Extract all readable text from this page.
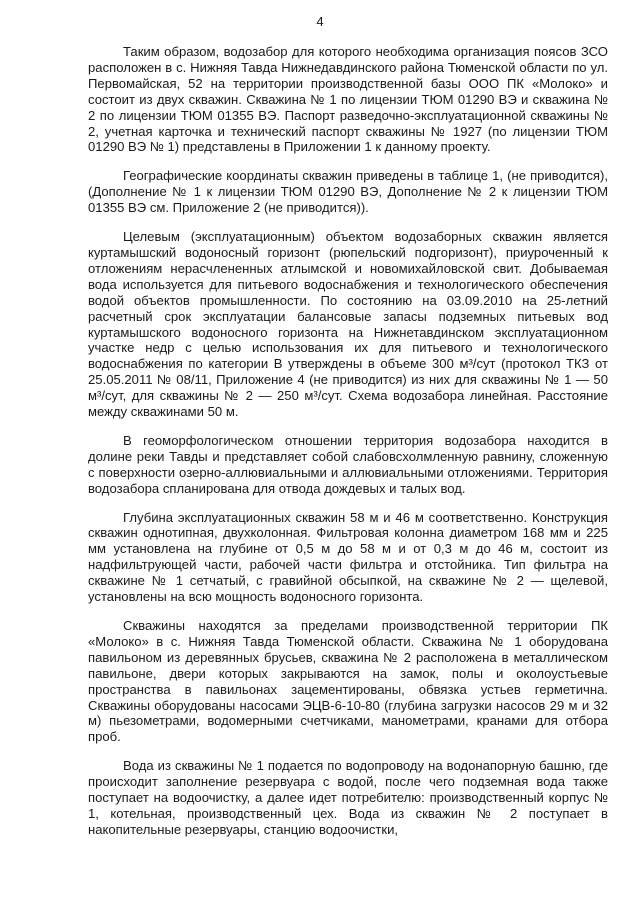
4

Таким образом, водозабор для которого необходима организация поясов ЗСО расположен в с. Нижняя Тавда Нижнедавдинского района Тюменской области по ул. Первомайская, 52 на территории производственной базы ООО ПК «Молоко» и состоит из двух скважин. Скважина № 1 по лицензии ТЮМ 01290 ВЭ и скважина № 2 по лицензии ТЮМ 01355 ВЭ. Паспорт разведочно-эксплуатационной скважины № 2, учетная карточка и технический паспорт скважины № 1927 (по лицензии ТЮМ 01290 ВЭ № 1) представлены в Приложении 1 к данному проекту.

Географические координаты скважин приведены в таблице 1, (не приводится), (Дополнение № 1 к лицензии ТЮМ 01290 ВЭ, Дополнение № 2 к лицензии ТЮМ 01355 ВЭ см. Приложение 2 (не приводится)).

Целевым (эксплуатационным) объектом водозаборных скважин является куртамышский водоносный горизонт (рюпельский подгоризонт), приуроченный к отложениям нерасчлененных атлымской и новомихайловской свит. Добываемая вода используется для питьевого водоснабжения и технологического обеспечения водой объектов промышленности. По состоянию на 03.09.2010 на 25-летний расчетный срок эксплуатации балансовые запасы подземных питьевых вод куртамышского водоносного горизонта на Нижнетавдинском эксплуатационном участке недр с целью использования их для питьевого и технологического водоснабжения по категории В утверждены в объеме 300 м³/сут (протокол ТКЗ от 25.05.2011 № 08/11, Приложение 4 (не приводится) из них для скважины № 1 — 50 м³/сут, для скважины № 2 — 250 м³/сут. Схема водозабора линейная. Расстояние между скважинами 50 м.

В геоморфологическом отношении территория водозабора находится в долине реки Тавды и представляет собой слабовсхолмленную равнину, сложенную с поверхности озерно-аллювиальными и аллювиальными отложениями. Территория водозабора спланирована для отвода дождевых и талых вод.

Глубина эксплуатационных скважин 58 м и 46 м соответственно. Конструкция скважин однотипная, двухколонная. Фильтровая колонна диаметром 168 мм и 225 мм установлена на глубине от 0,5 м до 58 м и от 0,3 м до 46 м, состоит из надфильтрующей части, рабочей части фильтра и отстойника. Тип фильтра на скважине № 1 сетчатый, с гравийной обсыпкой, на скважине № 2 — щелевой, установлены на всю мощность водоносного горизонта.

Скважины находятся за пределами производственной территории ПК «Молоко» в с. Нижняя Тавда Тюменской области. Скважина № 1 оборудована павильоном из деревянных брусьев, скважина № 2 расположена в металлическом павильоне, двери которых закрываются на замок, полы и околоустьевые пространства в павильонах зацементированы, обвязка устьев герметична. Скважины оборудованы насосами ЭЦВ-6-10-80 (глубина загрузки насосов 29 м и 32 м) пьезометрами, водомерными счетчиками, манометрами, кранами для отбора проб.

Вода из скважины № 1 подается по водопроводу на водонапорную башню, где происходит заполнение резервуара с водой, после чего подземная вода также поступает на водоочистку, а далее идет потребителю: производственный корпус № 1, котельная, производственный цех. Вода из скважин № 2 поступает в накопительные резервуары, станцию водоочистки,
